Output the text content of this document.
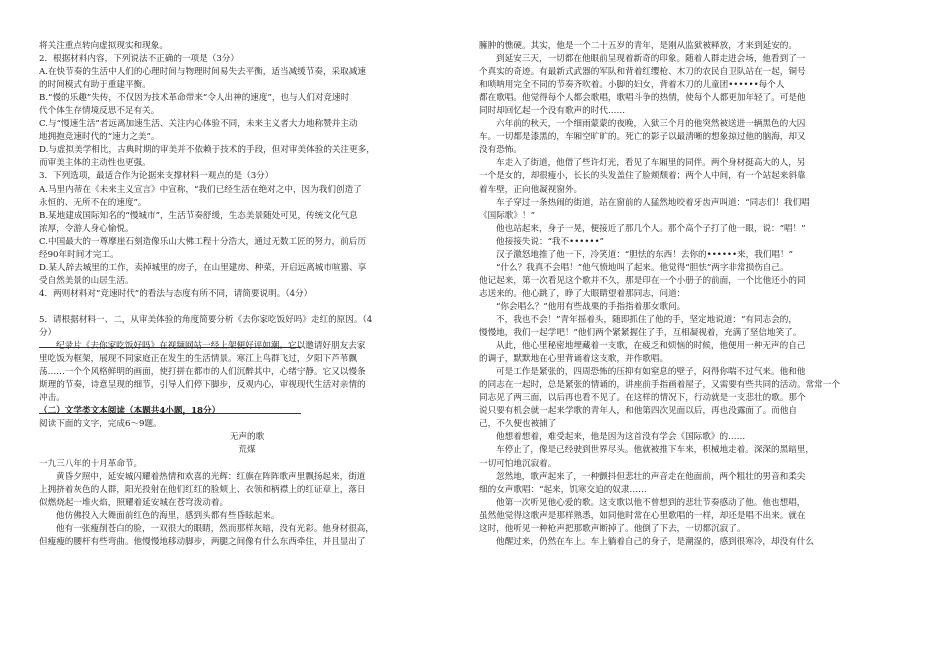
将关注重点转向虚拟现实和现象。
2．根据材料内容，下列说法不正确的一项是（3分）
A.在快节奏的生活中人们的心理时间与物理时间易失去平衡，适当减缓节奏，采取减速
的时间模式有助于重建平衡。
B.“慢的乐趣”失传，不仅因为技术革命带来“令人出神的速度”，也与人们对竞速时
代个体生存情境反思不足有关。
C.与“慢速生活”者远离加速生活、关注内心体验不同，未来主义者大力地称赞并主动
地拥抱竞速时代的“速力之美”。
D.与虚拟美学相比，古典时期的审美并不依赖于技术的手段，但对审美体验的关注更多，
而审美主体的主动性也更强。
3．下列选项，最适合作为论据来支撑材料一观点的是（3分）
A.马里内蒂在《未来主义宣言》中宣称，“我们已经生活在绝对之中，因为我们创造了
永恒的、无所不在的速度”。
B.某地建成国际知名的“慢城市”，生活节奏舒缓，生态美景随处可见，传统文化气息
浓厚，令游人身心愉悦。
C.中国最大的一尊摩崖石刻造像乐山大佛工程十分浩大，通过无数工匠的努力，前后历
经90年时间才完工。
D.某人辞去城里的工作，卖掉城里的房子，在山里建房、种菜，开启远离城市喧嚣、享
受自然美景的山居生活。
4．两则材料对“竞速时代”的看法与态度有所不同，请简要说明。（4分）
5．请根据材料一、二，从审美体验的角度简要分析《去你家吃饭好吗》走红的原因。（4
分）
纪录片《去你家吃饭好吗》在视频网站一经上架便好评如潮。它以邀请好朋友去家
里吃饭为框架，展现不同家庭正在发生的生活情景。寒江上鸟群飞过，夕阳下芦苇飘
荡……一个个风格鲜明的画面，使打拼在都市的人们沉醉其中，心绪宁静。它又以慢条
斯理的节奏，诗意呈现的细节，引导人们停下脚步，反观内心，审视现代生活对亲情的
冲击。
（二）文学类文本阅读（本题共4小题，18分）
阅读下面的文字，完成6～9题。
无声的歌
荒煤
一九三八年的十月革命节。
黄昏夕照中，延安城闪耀着热情和欢喜的光辉：红旗在阵阵歌声里飘扬起来，街道
上拥挤着灰色的人群，阳光投射在他们红红的脸颊上、衣领和柄襟上的红证章上，落日
似燃烧起一堆火焰，照耀着延安城在苍穹泼动着。
他仿佛投入大舞面前红色的海里，感到头都有些昏眩起来。
他有一张瘦削苍白的脸，一双很大的眼睛，然而那样灰暗，没有光彩。他身材很高，
但瘦瘦的腰杆有些弯曲。他慢慢地移动脚步，两腿之间像有什么东西牵住，并且显出了
臃肿的憔硬。其实，他是一个二十五岁的青年，是刚从监狱被释放，才来到延安的。
到延安三天，一切都在他眼前呈现着新奇的印象。随着人群走进会场，他看到了一
个真实的奇迹。有最新式武器的军队和背着红缨枪、木刀的农民自卫队站在一起，铜号
和唢呐用完全不同的节奏齐吹着。小脚的妇女，背着木刀的儿童团••••••每个人
都在歌唱。他觉得每个人都会歌唱，歌唱斗争的热情，使每个人都更加年轻了。可是他
同时却回忆起一个没有歌声的时代……
六年前的秋天，一个细雨蒙蒙的夜晚，入狱三个月的他突然被送进一辆黑色的大囚
车。一切都是漆黑的，车厢空旷旷的。死亡的影子以最清晰的想象掠过他的脑海，却又
没有恐怖。
车走入了街道，他借了些许灯光，看见了车厢里的同伴。两个身材挺高大的人，另
一个是女的，却很瘦小，长长的头发盖住了脸颊颓着；两个人中间，有一个站起来斜靠
着车壁，正向他凝视窗外。
车子穿过一条热闹的街道，站在窗前的人猛然地咬着牙齿声叫道：“同志们！我们唱
《国际歌》！”
他也站起来，身子一晃，便接近了那几个人。那个高个子打了他一眼，说：“唱！”
他接接失说：“我不••••••”
汉子激怒地推了他一下，冷笑道：“胆怯的东西！去你的••••••来，我们唱！”
“什么？我真不会唱！”他气愤地叫了起来。他觉得“胆怯”两字非常损伤自己。
他记起来，第一次看见这个歌并不久，那是印在一个小册子的前面，一个比他还小的同
志送来的。他心跳了，睁了大眼睛望着那同志，问道：
“你会唱么？”他用有些战栗的手指指着那女歌问。
不，我也不会！”青年摇着头，随即抓住了他的手，坚定地说道：“有同志会的，
慢慢地，我们一起学吧！”他们两个紧紧握住了手，互相凝视着，充满了坚信地笑了。
从此，他心里秘密地埋藏着一支歌，在疲乏和烦恼的时候，他便用一种无声的自己
的调子，默默地在心里背诵着这支歌，并作歌唱。
可是工作是紧张的，四周恐怖的压抑有如窒息的壁子，闷得你喘不过气来。他和他
的同志在一起时，总是紧张的情诵的，讲座前手指画着屋子，又需要有些共同的活动。常常一个
同志见了两三面，以后再也看不见了。在这样的情况下，行动就是一支悲壮的歌。那个
说只要有机会就一起来学歌的青年人，和他第四次见面以后，再也没露面了。而他自
己，不久便也被捕了
他想着想着，难受起来，他是因为这首没有学会《国际歌》的……
车停止了，像是已经驶到世界尽头。他就被推下车来，枳械地走着。深深的黑暗里，
一切可怕地沉寂着。
忽然地，歌声起来了，一种颤抖但悲壮的声音走在他面前，两个粗壮的男音和柔尖
细的女声歌唱：“起来，饥寒交迫的奴隶……
他第一次听见他心爱的歌。这支歌以他不曾想到的悲壮节奏感动了他。他也想唱，
虽然他觉得这歌声是那样熟悉，如同他时常在心里歌唱的一样，却还是唱不出来。就在
这时，他听见一种枪声把那歌声断掉了。他倒了下去，一切都沉寂了。
他醒过来，仍然在车上。车上躺着自己的身子，是潮湿的，感到很寒冷，却没有什么
